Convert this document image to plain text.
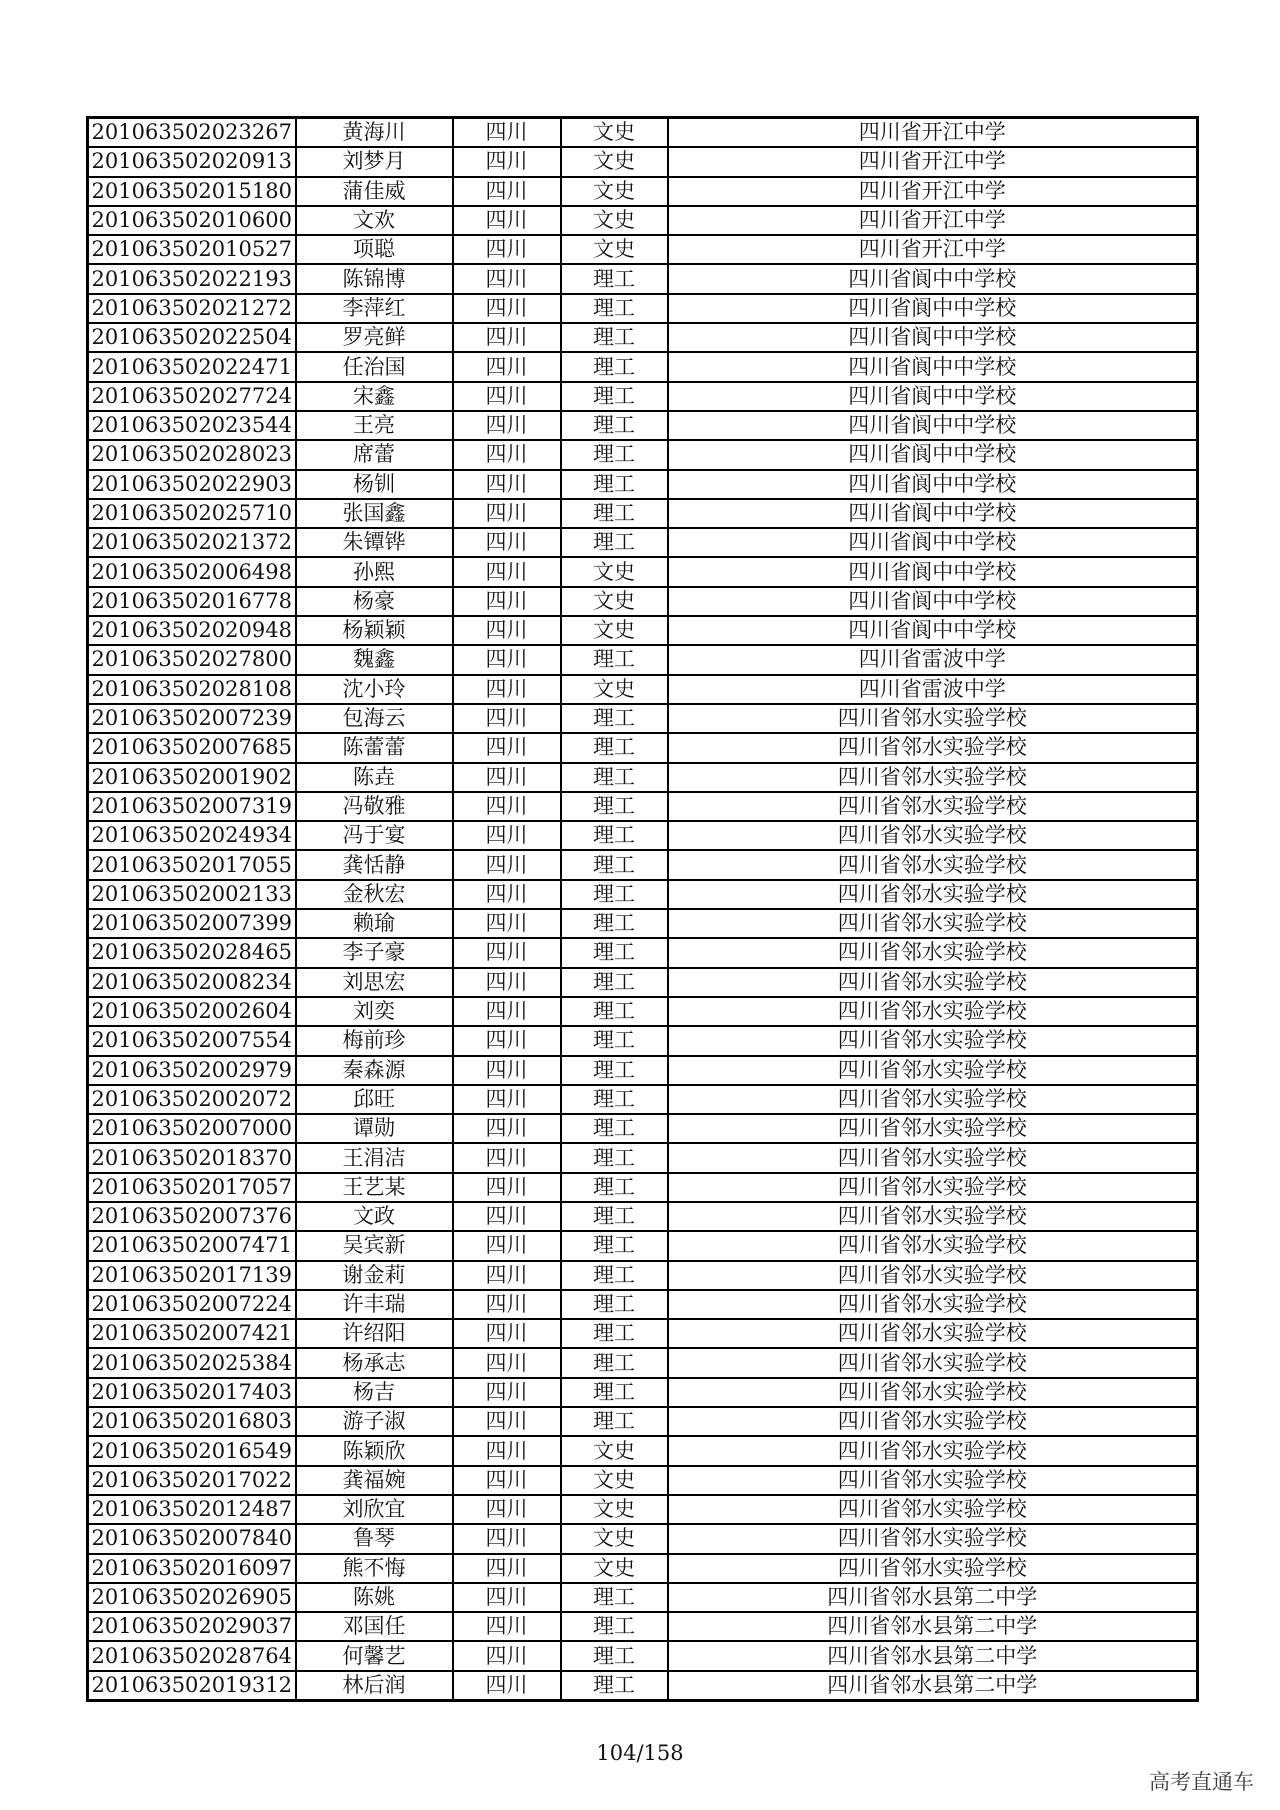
201063502023267	黄海川	四川	文史	四川省开江中学
201063502020913	刘梦月	四川	文史	四川省开江中学
201063502015180	蒲佳威	四川	文史	四川省开江中学
201063502010600	文欢	四川	文史	四川省开江中学
201063502010527	项聪	四川	文史	四川省开江中学
201063502022193	陈锦博	四川	理工	四川省阆中中学校
201063502021272	李萍红	四川	理工	四川省阆中中学校
201063502022504	罗亮鲜	四川	理工	四川省阆中中学校
201063502022471	任治国	四川	理工	四川省阆中中学校
201063502027724	宋鑫	四川	理工	四川省阆中中学校
201063502023544	王亮	四川	理工	四川省阆中中学校
201063502028023	席蕾	四川	理工	四川省阆中中学校
201063502022903	杨钏	四川	理工	四川省阆中中学校
201063502025710	张国鑫	四川	理工	四川省阆中中学校
201063502021372	朱镡铧	四川	理工	四川省阆中中学校
201063502006498	孙熙	四川	文史	四川省阆中中学校
201063502016778	杨豪	四川	文史	四川省阆中中学校
201063502020948	杨颖颖	四川	文史	四川省阆中中学校
201063502027800	魏鑫	四川	理工	四川省雷波中学
201063502028108	沈小玲	四川	文史	四川省雷波中学
201063502007239	包海云	四川	理工	四川省邻水实验学校
201063502007685	陈蕾蕾	四川	理工	四川省邻水实验学校
201063502001902	陈垚	四川	理工	四川省邻水实验学校
201063502007319	冯敬雅	四川	理工	四川省邻水实验学校
201063502024934	冯于宴	四川	理工	四川省邻水实验学校
201063502017055	龚恬静	四川	理工	四川省邻水实验学校
201063502002133	金秋宏	四川	理工	四川省邻水实验学校
201063502007399	赖瑜	四川	理工	四川省邻水实验学校
201063502028465	李子豪	四川	理工	四川省邻水实验学校
201063502008234	刘思宏	四川	理工	四川省邻水实验学校
201063502002604	刘奕	四川	理工	四川省邻水实验学校
201063502007554	梅前珍	四川	理工	四川省邻水实验学校
201063502002979	秦森源	四川	理工	四川省邻水实验学校
201063502002072	邱旺	四川	理工	四川省邻水实验学校
201063502007000	谭勋	四川	理工	四川省邻水实验学校
201063502018370	王涓洁	四川	理工	四川省邻水实验学校
201063502017057	王艺某	四川	理工	四川省邻水实验学校
201063502007376	文政	四川	理工	四川省邻水实验学校
201063502007471	吴宾新	四川	理工	四川省邻水实验学校
201063502017139	谢金莉	四川	理工	四川省邻水实验学校
201063502007224	许丰瑞	四川	理工	四川省邻水实验学校
201063502007421	许绍阳	四川	理工	四川省邻水实验学校
201063502025384	杨承志	四川	理工	四川省邻水实验学校
201063502017403	杨吉	四川	理工	四川省邻水实验学校
201063502016803	游子淑	四川	理工	四川省邻水实验学校
201063502016549	陈颖欣	四川	文史	四川省邻水实验学校
201063502017022	龚福婉	四川	文史	四川省邻水实验学校
201063502012487	刘欣宜	四川	文史	四川省邻水实验学校
201063502007840	鲁琴	四川	文史	四川省邻水实验学校
201063502016097	熊不悔	四川	文史	四川省邻水实验学校
201063502026905	陈姚	四川	理工	四川省邻水县第二中学
201063502029037	邓国任	四川	理工	四川省邻水县第二中学
201063502028764	何馨艺	四川	理工	四川省邻水县第二中学
201063502019312	林后润	四川	理工	四川省邻水县第二中学
104/158
高考直通车
